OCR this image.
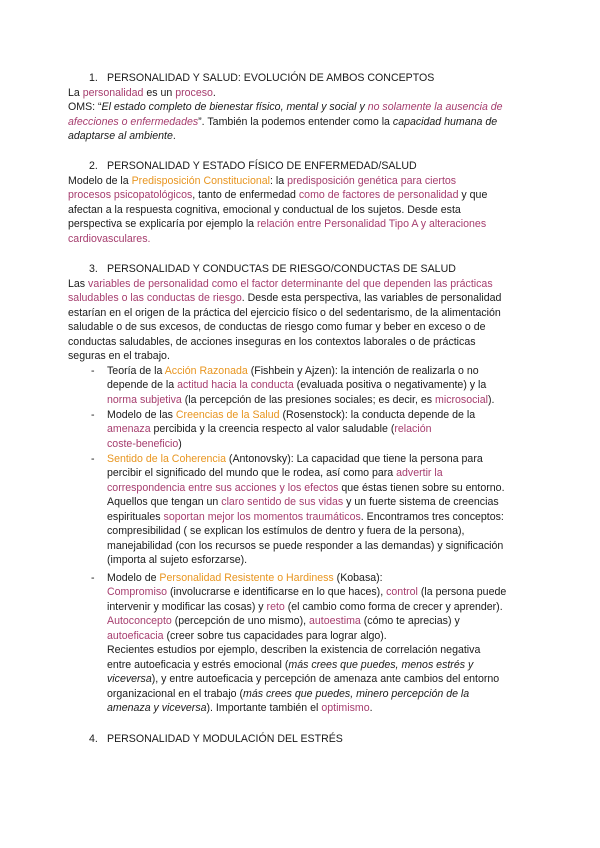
1. PERSONALIDAD Y SALUD: EVOLUCIÓN DE AMBOS CONCEPTOS
La personalidad es un proceso.
OMS: “El estado completo de bienestar físico, mental y social y no solamente la ausencia de
afecciones o enfermedades”. También la podemos entender como la capacidad humana de
adaptarse al ambiente.
2. PERSONALIDAD Y ESTADO FÍSICO DE ENFERMEDAD/SALUD
Modelo de la Predisposición Constitucional: la predisposición genética para ciertos
procesos psicopatológicos, tanto de enfermedad como de factores de personalidad y que
afectan a la respuesta cognitiva, emocional y conductual de los sujetos. Desde esta
perspectiva se explicaría por ejemplo la relación entre Personalidad Tipo A y alteraciones
cardiovasculares.
3. PERSONALIDAD Y CONDUCTAS DE RIESGO/CONDUCTAS DE SALUD
Las variables de personalidad como el factor determinante del que dependen las prácticas
saludables o las conductas de riesgo. Desde esta perspectiva, las variables de personalidad
estarían en el origen de la práctica del ejercicio físico o del sedentarismo, de la alimentación
saludable o de sus excesos, de conductas de riesgo como fumar y beber en exceso o de
conductas saludables, de acciones inseguras en los contextos laborales o de prácticas
seguras en el trabajo.
- Teoría de la Acción Razonada (Fishbein y Ajzen): la intención de realizarla o no
depende de la actitud hacia la conducta (evaluada positiva o negativamente) y la
norma subjetiva (la percepción de las presiones sociales; es decir, es microsocial).
- Modelo de las Creencias de la Salud (Rosenstock): la conducta depende de la
amenaza percibida y la creencia respecto al valor saludable (relación
coste-beneficio)
- Sentido de la Coherencia (Antonovsky): La capacidad que tiene la persona para
percibir el significado del mundo que le rodea, así como para advertir la
correspondencia entre sus acciones y los efectos que éstas tienen sobre su entorno.
Aquellos que tengan un claro sentido de sus vidas y un fuerte sistema de creencias
espirituales soportan mejor los momentos traumáticos. Encontramos tres conceptos:
compresibilidad ( se explican los estímulos de dentro y fuera de la persona),
manejabilidad (con los recursos se puede responder a las demandas) y significación
(importa al sujeto esforzarse).
- Modelo de Personalidad Resistente o Hardiness (Kobasa):
Compromiso (involucrarse e identificarse en lo que haces), control (la persona puede
intervenir y modificar las cosas) y reto (el cambio como forma de crecer y aprender).
Autoconcepto (percepción de uno mismo), autoestima (cómo te aprecias) y
autoeficacia (creer sobre tus capacidades para lograr algo).
Recientes estudios por ejemplo, describen la existencia de correlación negativa
entre autoeficacia y estrés emocional (más crees que puedes, menos estrés y
viceversa), y entre autoeficacia y percepción de amenaza ante cambios del entorno
organizacional en el trabajo (más crees que puedes, minero percepción de la
amenaza y viceversa). Importante también el optimismo.
4. PERSONALIDAD Y MODULACIÓN DEL ESTRÉS
